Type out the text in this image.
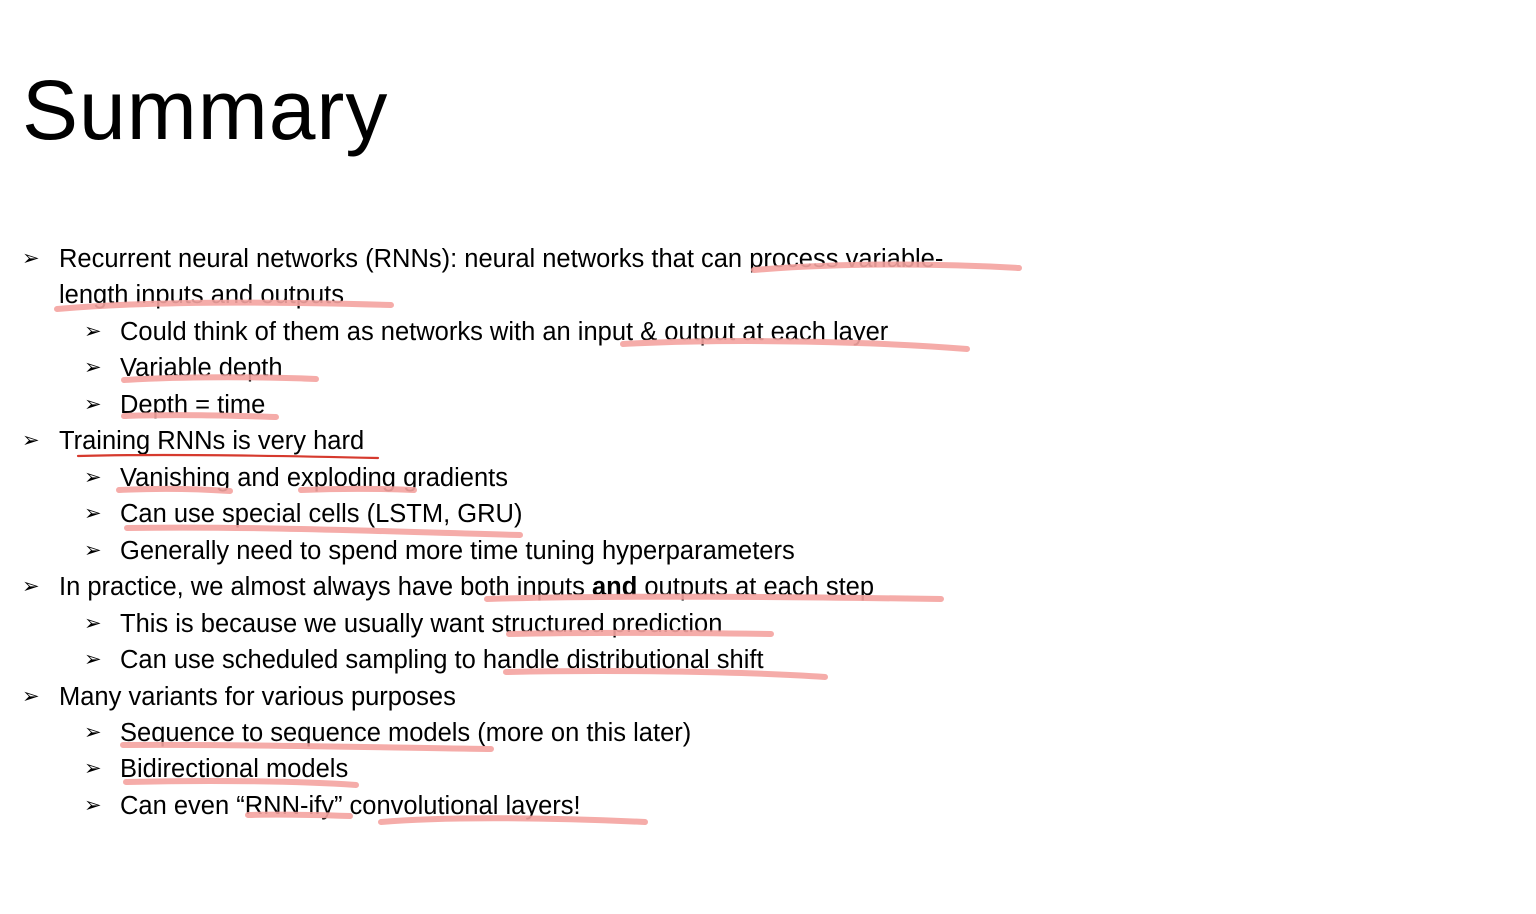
Summary
➢ Recurrent neural networks (RNNs): neural networks that can process variable-
length inputs and outputs
➢ Could think of them as networks with an input & output at each layer
➢ Variable depth
➢ Depth = time
➢ Training RNNs is very hard
➢ Vanishing and exploding gradients
➢ Can use special cells (LSTM, GRU)
➢ Generally need to spend more time tuning hyperparameters
➢ In practice, we almost always have both inputs and outputs at each step
➢ This is because we usually want structured prediction
➢ Can use scheduled sampling to handle distributional shift
➢ Many variants for various purposes
➢ Sequence to sequence models (more on this later)
➢ Bidirectional models
➢ Can even “RNN-ify” convolutional layers!
